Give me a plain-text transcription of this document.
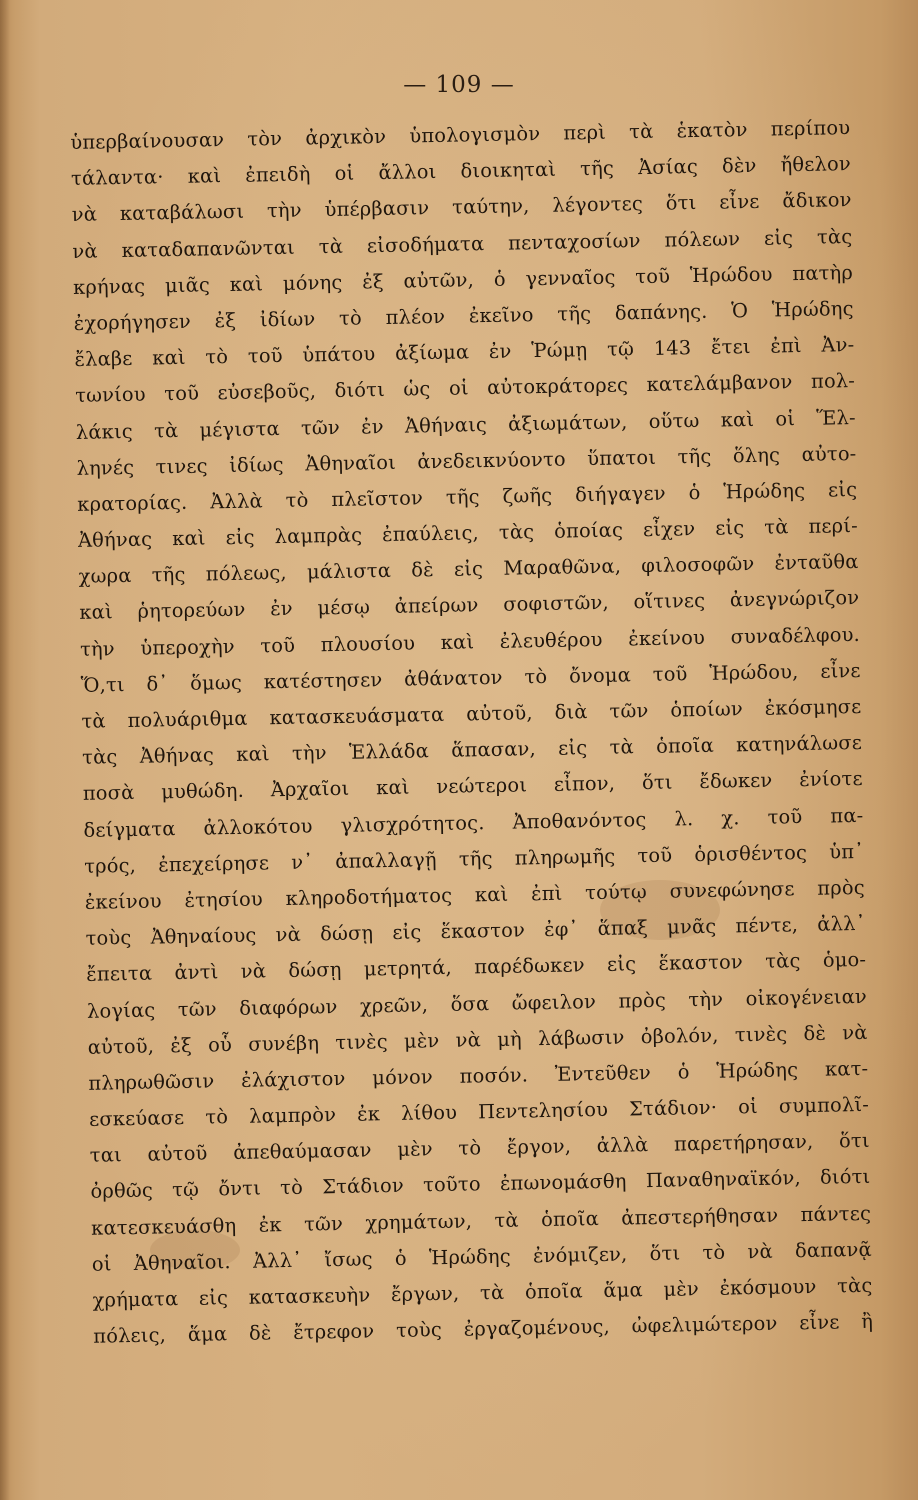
— 109 —
ὑπερβαίνουσαν τὸν ἀρχικὸν ὑπολογισμὸν περὶ τὰ ἑκατὸν περίπου
τάλαντα· καὶ ἐπειδὴ οἱ ἄλλοι διοικηταὶ τῆς Ἀσίας δὲν ἤθελον
νὰ καταβάλωσι τὴν ὑπέρβασιν ταύτην, λέγοντες ὅτι εἶνε ἄδικον
νὰ καταδαπανῶνται τὰ εἰσοδήματα πενταχοσίων πόλεων εἰς τὰς
κρήνας μιᾶς καὶ μόνης ἐξ αὐτῶν, ὁ γενναῖος τοῦ Ἡρώδου πατὴρ
ἐχορήγησεν ἐξ ἰδίων τὸ πλέον ἐκεῖνο τῆς δαπάνης. Ὁ Ἡρώδης
ἔλαβε καὶ τὸ τοῦ ὑπάτου ἀξίωμα ἐν Ῥώμῃ τῷ 143 ἔτει ἐπὶ Ἀν-
τωνίου τοῦ εὐσεβοῦς, διότι ὡς οἱ αὐτοκράτορες κατελάμβανον πολ-
λάκις τὰ μέγιστα τῶν ἐν Ἀθήναις ἀξιωμάτων, οὕτω καὶ οἱ Ἕλ-
ληνές τινες ἰδίως Ἀθηναῖοι ἀνεδεικνύοντο ὕπατοι τῆς ὅλης αὐτο-
κρατορίας. Ἀλλὰ τὸ πλεῖστον τῆς ζωῆς διήγαγεν ὁ Ἡρώδης εἰς
Ἀθήνας καὶ εἰς λαμπρὰς ἐπαύλεις, τὰς ὁποίας εἶχεν εἰς τὰ περί-
χωρα τῆς πόλεως, μάλιστα δὲ εἰς Μαραθῶνα, φιλοσοφῶν ἐνταῦθα
καὶ ῥητορεύων ἐν μέσῳ ἀπείρων σοφιστῶν, οἵτινες ἀνεγνώριζον
τὴν ὑπεροχὴν τοῦ πλουσίου καὶ ἐλευθέρου ἐκείνου συναδέλφου.
Ὅ,τι δ᾿ ὅμως κατέστησεν ἀθάνατον τὸ ὄνομα τοῦ Ἡρώδου, εἶνε
τὰ πολυάριθμα κατασκευάσματα αὐτοῦ, διὰ τῶν ὁποίων ἐκόσμησε
τὰς Ἀθήνας καὶ τὴν Ἑλλάδα ἅπασαν, εἰς τὰ ὁποῖα κατηνάλωσε
ποσὰ μυθώδη. Ἀρχαῖοι καὶ νεώτεροι εἶπον, ὅτι ἔδωκεν ἐνίοτε
δείγματα ἀλλοκότου γλισχρότητος. Ἀποθανόντος λ. χ. τοῦ πα-
τρός, ἐπεχείρησε ν᾿ ἀπαλλαγῇ τῆς πληρωμῆς τοῦ ὁρισθέντος ὑπ᾿
ἐκείνου ἐτησίου κληροδοτήματος καὶ ἐπὶ τούτῳ συνεφώνησε πρὸς
τοὺς Ἀθηναίους νὰ δώσῃ εἰς ἕκαστον ἐφ᾿ ἅπαξ μνᾶς πέντε, ἀλλ᾿
ἔπειτα ἀντὶ νὰ δώσῃ μετρητά, παρέδωκεν εἰς ἕκαστον τὰς ὁμο-
λογίας τῶν διαφόρων χρεῶν, ὅσα ὤφειλον πρὸς τὴν οἰκογένειαν
αὐτοῦ, ἐξ οὗ συνέβη τινὲς μὲν νὰ μὴ λάβωσιν ὀβολόν, τινὲς δὲ νὰ
πληρωθῶσιν ἐλάχιστον μόνον ποσόν. Ἐντεῦθεν ὁ Ἡρώδης κατ-
εσκεύασε τὸ λαμπρὸν ἐκ λίθου Πεντελησίου Στάδιον· οἱ συμπολῖ-
ται αὐτοῦ ἀπεθαύμασαν μὲν τὸ ἔργον, ἀλλὰ παρετήρησαν, ὅτι
ὀρθῶς τῷ ὄντι τὸ Στάδιον τοῦτο ἐπωνομάσθη Παναθηναϊκόν, διότι
κατεσκευάσθη ἐκ τῶν χρημάτων, τὰ ὁποῖα ἀπεστερήθησαν πάντες
οἱ Ἀθηναῖοι. Ἀλλ᾿ ἴσως ὁ Ἡρώδης ἐνόμιζεν, ὅτι τὸ νὰ δαπανᾷ
χρήματα εἰς κατασκευὴν ἔργων, τὰ ὁποῖα ἅμα μὲν ἐκόσμουν τὰς
πόλεις, ἅμα δὲ ἔτρεφον τοὺς ἐργαζομένους, ὠφελιμώτερον εἶνε ἢ
